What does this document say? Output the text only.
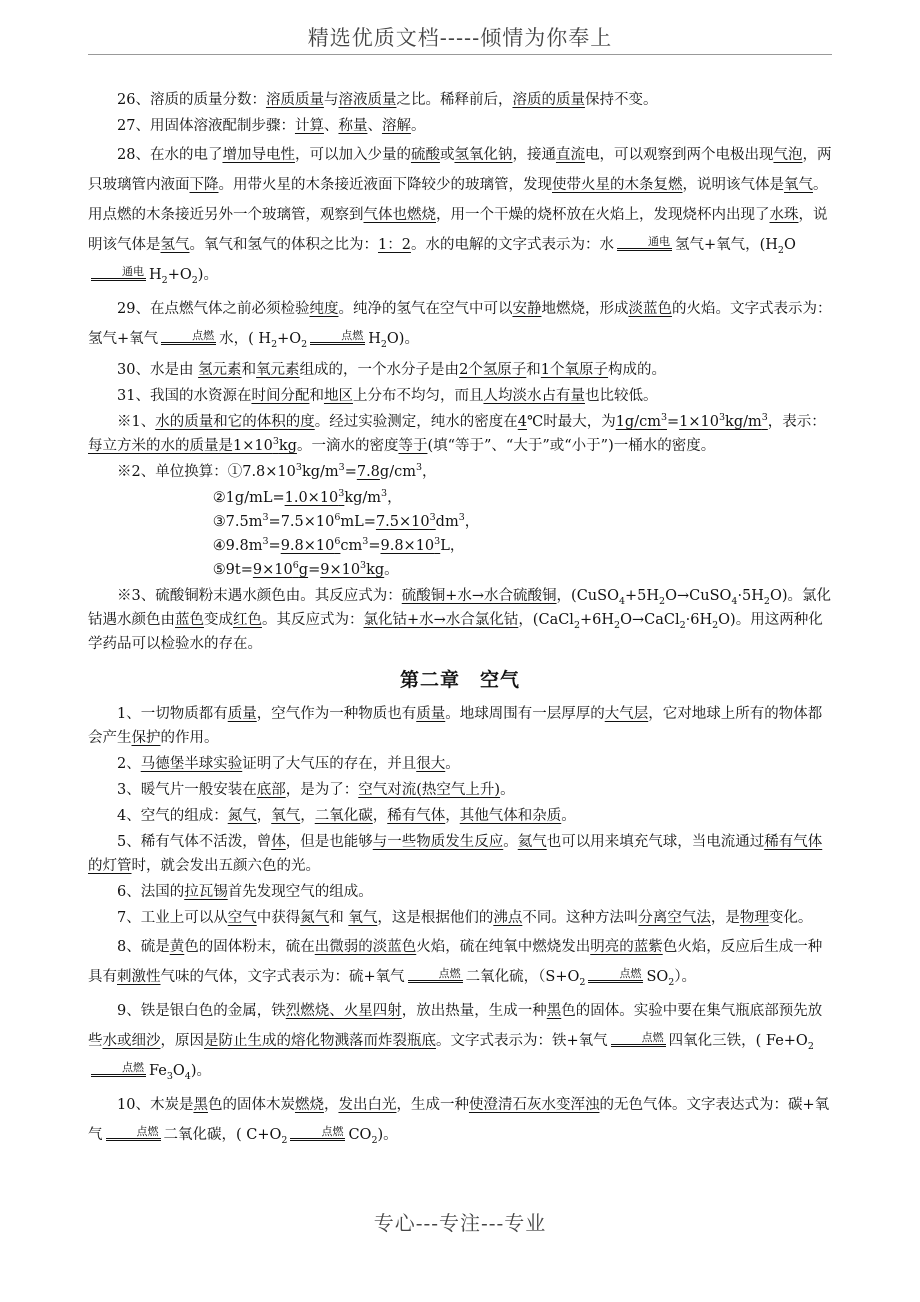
精选优质文档-----倾情为你奉上

26、溶质的质量分数：溶质质量与溶液质量之比。稀释前后，溶质的质量保持不变。

27、用固体溶液配制步骤：计算、称量、溶解。

28、在水的电了增加导电性，可以加入少量的硫酸或氢氧化钠，接通直流电，可以观察到两个电极出现气泡，两只玻璃管内液面下降。用带火星的木条接近液面下降较少的玻璃管，发现使带火星的木条复燃，说明该气体是氧气。用点燃的木条接近另外一个玻璃管，观察到气体也燃烧，用一个干燥的烧杯放在火焰上，发现烧杯内出现了水珠，说明该气体是氢气。氧气和氢气的体积之比为：1：2。水的电解的文字式表示为：水	通电 氢气+氧气，($H_2O$
通电 $H_2+O_2$)。

29、在点燃气体之前必须检验纯度。纯净的氢气在空气中可以安静地燃烧，形成淡蓝色的火焰。文字式表示为：氢气+氧气	点燃 水，( $H_2+O_2$
点燃 $H_2O$)。

30、水是由 氢元素和氧元素组成的，一个水分子是由2个氢原子和1个氧原子构成的。

31、我国的水资源在时间分配和地区上分布不均匀，而且人均淡水占有量也比较低。

※1、水的质量和它的体积的度。经过实验测定，纯水的密度在4℃时最大，为$1g/cm^3=1\times 10^3kg/m^3$，表示：每立方米的水的质量是$1\times 10^3kg$。一滴水的密度等于(填“等于”、“大于”或“小于”)一桶水的密度。

※2、单位换算：$①7.8\times 10^3kg/m^3=7.8g/cm^3$，

$②1g/mL=1.0\times 10^3kg/m^3$，

$③7.5m^3=7.5\times 10^6mL=7.5\times 10^3dm^3$，

$④9.8m^3=9.8\times 10^6cm^3=9.8\times 10^3L$，

$⑤9t=9\times 10^6g=9\times 10^3kg$。

※3、硫酸铜粉末遇水颜色由。其反应式为：硫酸铜+水→水合硫酸铜，$(CuSO_4+5H_2O\to CuSO_4\cdot 5H_2O)$。氯化钴遇水颜色由蓝色变成红色。其反应式为：氯化钴+水→水合氯化钴，$(CaCl_2+6H_2O\to CaCl_2\cdot 6H_2O)$。用这两种化学药品可以检验水的存在。

第二章　空气

1、一切物质都有质量，空气作为一种物质也有质量。地球周围有一层厚厚的大气层，它对地球上所有的物体都会产生保护的作用。

2、马德堡半球实验证明了大气压的存在，并且很大。

3、暖气片一般安装在底部，是为了：空气对流(热空气上升)。

4、空气的组成：氮气，氧气，二氧化碳，稀有气体，其他气体和杂质。

5、稀有气体不活泼，曾体，但是也能够与一些物质发生反应。氦气也可以用来填充气球，当电流通过稀有气体的灯管时，就会发出五颜六色的光。

6、法国的拉瓦锡首先发现空气的组成。

7、工业上可以从空气中获得氮气和 氧气，这是根据他们的沸点不同。这种方法叫分离空气法，是物理变化。

8、硫是黄色的固体粉末，硫在出微弱的淡蓝色火焰，硫在纯氧中燃烧发出明亮的蓝紫色火焰，反应后生成一种具有刺激性气味的气体，文字式表示为：硫+氧气	点燃 二氧化硫，（$S+O_2$
点燃 $SO_2$）。

9、铁是银白色的金属，铁烈燃烧、火星四射，放出热量，生成一种黑色的固体。实验中要在集气瓶底部预先放些水或细沙，原因是防止生成的熔化物溅落而炸裂瓶底。文字式表示为：铁+氧气	点燃 四氧化三铁，( $Fe+O_2$
点燃 $Fe_3O_4$)。

10、木炭是黑色的固体木炭燃烧，发出白光，生成一种使澄清石灰水变浑浊的无色气体。文字表达式为：碳+氧气	点燃 二氧化碳，( $C+O_2$
点燃 $CO_2$)。

专心---专注---专业
